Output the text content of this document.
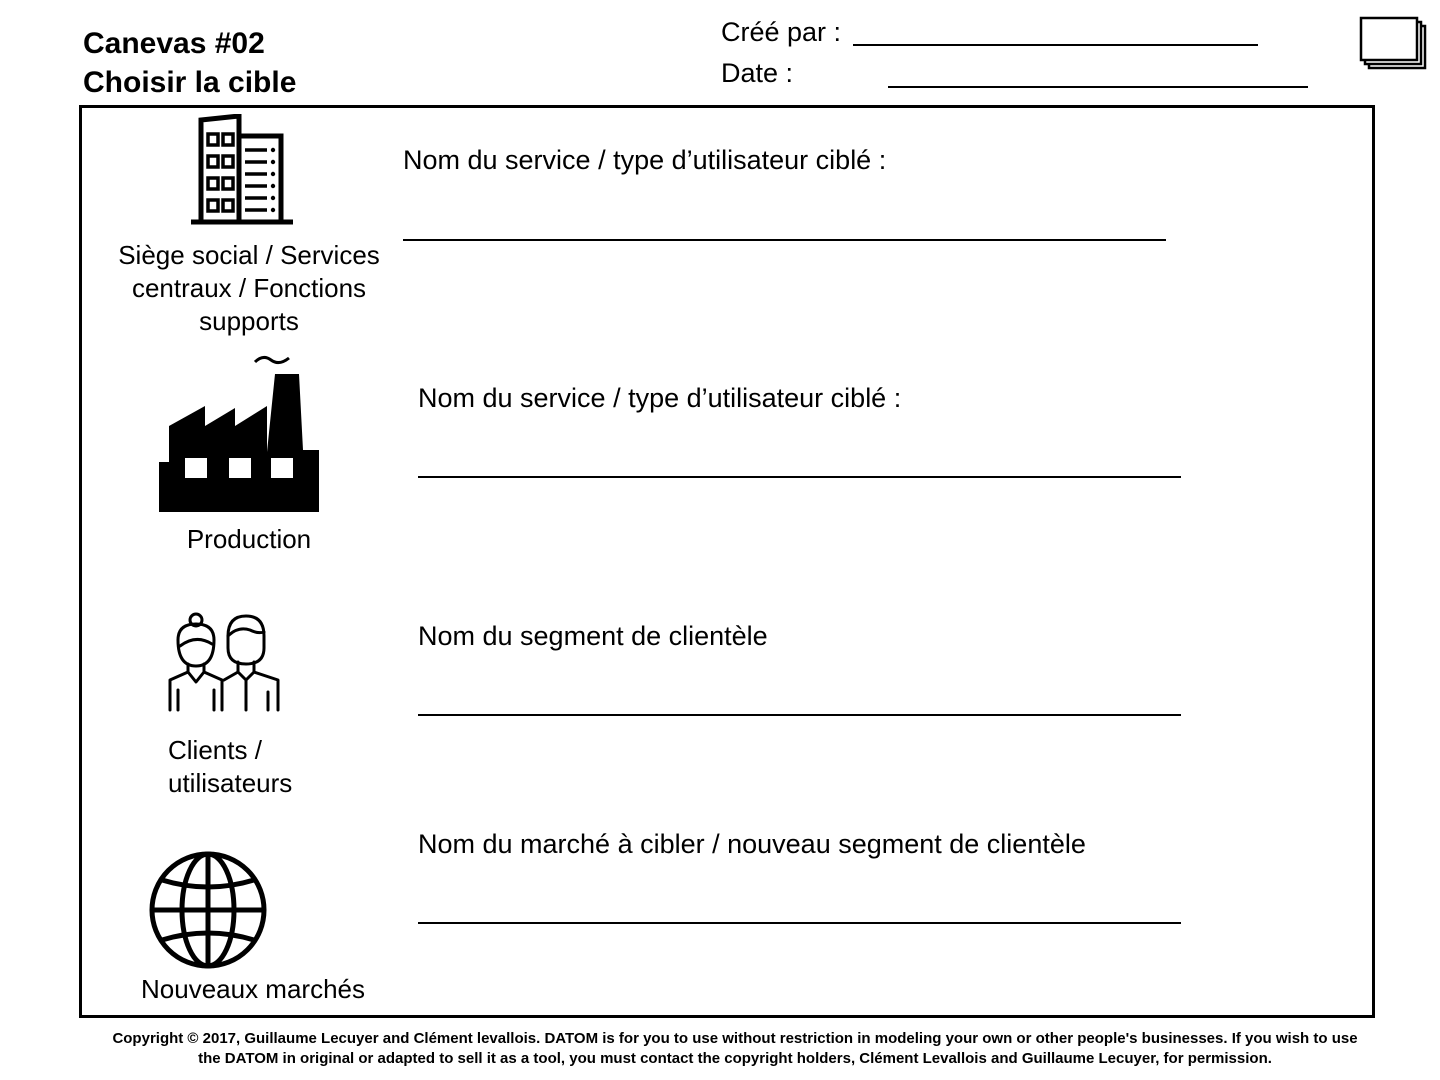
Canevas #02
Choisir la cible
Créé par :
Date :
Siège social / Services centraux / Fonctions supports
Nom du service / type d’utilisateur ciblé :
Production
Nom du service / type d’utilisateur ciblé :
Clients /
utilisateurs
Nom du segment de clientèle
Nouveaux marchés
Nom du marché à cibler / nouveau segment de clientèle
Copyright © 2017, Guillaume Lecuyer and Clément levallois. DATOM is for you to use without restriction in modeling your own or other people's businesses. If you wish to use the DATOM in original or adapted to sell it as a tool, you must contact the copyright holders, Clément Levallois and Guillaume Lecuyer, for permission.
